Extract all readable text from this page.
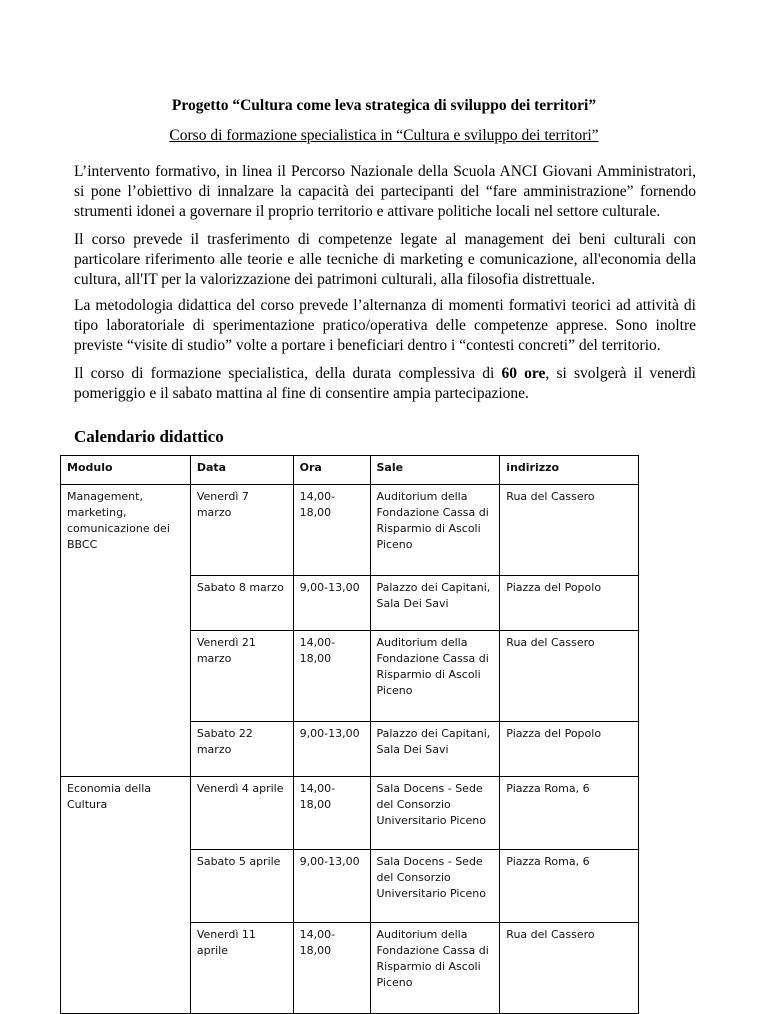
Progetto “Cultura come leva strategica di sviluppo dei territori”
Corso di formazione specialistica in “Cultura e sviluppo dei territori”
L’intervento formativo, in linea il Percorso Nazionale della Scuola ANCI Giovani Amministratori, si pone l’obiettivo di innalzare la capacità dei partecipanti del “fare amministrazione” fornendo strumenti idonei a governare il proprio territorio e attivare politiche locali nel settore culturale.
Il corso prevede il trasferimento di competenze legate al management dei beni culturali con particolare riferimento alle teorie e alle tecniche di marketing e comunicazione, all'economia della cultura, all'IT per la valorizzazione dei patrimoni culturali, alla filosofia distrettuale.
La metodologia didattica del corso prevede l’alternanza di momenti formativi teorici ad attività di tipo laboratoriale di sperimentazione pratico/operativa delle competenze apprese. Sono inoltre previste “visite di studio” volte a portare i beneficiari dentro i “contesti concreti” del territorio.
Il corso di formazione specialistica, della durata complessiva di 60 ore, si svolgerà il venerdì pomeriggio e il sabato mattina al fine di consentire ampia partecipazione.
Calendario didattico
Modulo	Data	Ora	Sale	indirizzo
Management, marketing, comunicazione dei BBCC	Venerdì 7 marzo	14,00-18,00	Auditorium della Fondazione Cassa di Risparmio di Ascoli Piceno	Rua del Cassero
	Sabato 8 marzo	9,00-13,00	Palazzo dei Capitani, Sala Dei Savi	Piazza del Popolo
	Venerdì 21 marzo	14,00-18,00	Auditorium della Fondazione Cassa di Risparmio di Ascoli Piceno	Rua del Cassero
	Sabato 22 marzo	9,00-13,00	Palazzo dei Capitani, Sala Dei Savi	Piazza del Popolo
Economia della Cultura	Venerdì 4 aprile	14,00-18,00	Sala Docens - Sede del Consorzio Universitario Piceno	Piazza Roma, 6
	Sabato 5 aprile	9,00-13,00	Sala Docens - Sede del Consorzio Universitario Piceno	Piazza Roma, 6
	Venerdì 11 aprile	14,00-18,00	Auditorium della Fondazione Cassa di Risparmio di Ascoli Piceno	Rua del Cassero
